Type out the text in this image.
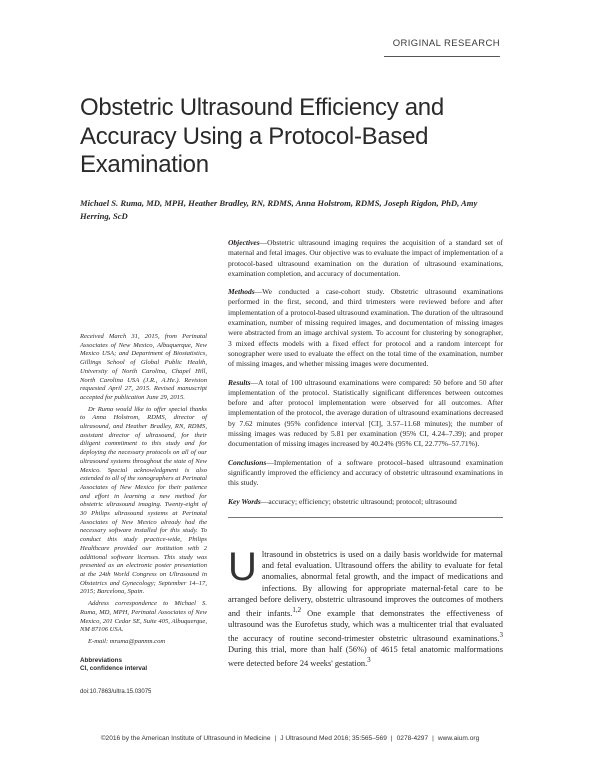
ORIGINAL RESEARCH
Obstetric Ultrasound Efficiency and Accuracy Using a Protocol-Based Examination
Michael S. Ruma, MD, MPH, Heather Bradley, RN, RDMS, Anna Holstrom, RDMS, Joseph Rigdon, PhD, Amy Herring, ScD

Objectives—Obstetric ultrasound imaging requires the acquisition of a standard set of maternal and fetal images. Our objective was to evaluate the impact of implementation of a protocol-based ultrasound examination on the duration of ultrasound examinations, examination completion, and accuracy of documentation.

Methods—We conducted a case-cohort study. Obstetric ultrasound examinations performed in the first, second, and third trimesters were reviewed before and after implementation of a protocol-based ultrasound examination. The duration of the ultrasound examination, number of missing required images, and documentation of missing images were abstracted from an image archival system. To account for clustering by sonographer, 3 mixed effects models with a fixed effect for protocol and a random intercept for sonographer were used to evaluate the effect on the total time of the examination, number of missing images, and whether missing images were documented.

Results—A total of 100 ultrasound examinations were compared: 50 before and 50 after implementation of the protocol. Statistically significant differences between outcomes before and after protocol implementation were observed for all outcomes. After implementation of the protocol, the average duration of ultrasound examinations decreased by 7.62 minutes (95% confidence interval [CI], 3.57–11.68 minutes); the number of missing images was reduced by 5.81 per examination (95% CI, 4.24–7.39); and proper documentation of missing images increased by 40.24% (95% CI, 22.77%–57.71%).

Conclusions—Implementation of a software protocol–based ultrasound examination significantly improved the efficiency and accuracy of obstetric ultrasound examinations in this study.

Key Words—accuracy; efficiency; obstetric ultrasound; protocol; ultrasound

Received March 31, 2015, from Perinatal Associates of New Mexico, Albuquerque, New Mexico USA; and Department of Biostatistics, Gillings School of Global Public Health, University of North Carolina, Chapel Hill, North Carolina USA (J.R., A.He.). Revision requested April 27, 2015. Revised manuscript accepted for publication June 29, 2015.

Dr Ruma would like to offer special thanks to Anna Holstrom, RDMS, director of ultrasound, and Heather Bradley, RN, RDMS, assistant director of ultrasound, for their diligent commitment to this study and for deploying the necessary protocols on all of our ultrasound systems throughout the state of New Mexico. Special acknowledgment is also extended to all of the sonographers at Perinatal Associates of New Mexico for their patience and effort in learning a new method for obstetric ultrasound imaging. Twenty-eight of 30 Philips ultrasound systems at Perinatal Associates of New Mexico already had the necessary software installed for this study. To conduct this study practice-wide, Philips Healthcare provided our institution with 2 additional software licenses. This study was presented as an electronic poster presentation at the 24th World Congress on Ultrasound in Obstetrics and Gynecology; September 14–17, 2015; Barcelona, Spain.

Address correspondence to Michael S. Ruma, MD, MPH, Perinatal Associates of New Mexico, 201 Cedar SE, Suite 405, Albuquerque, NM 87106 USA.

E-mail: mruma@pannm.com
Abbreviations
CI, confidence interval
doi:10.7863/ultra.15.03075
Ultrasound in obstetrics is used on a daily basis worldwide for maternal and fetal evaluation. Ultrasound offers the ability to evaluate for fetal anomalies, abnormal fetal growth, and the impact of medications and infections. By allowing for appropriate maternal-fetal care to be arranged before delivery, obstetric ultrasound improves the outcomes of mothers and their infants.$^{1,2}$ One example that demonstrates the effectiveness of ultrasound was the Eurofetus study, which was a multicenter trial that evaluated the accuracy of routine second-trimester obstetric ultrasound examinations.$^3$ During this trial, more than half (56%) of 4615 fetal anatomic malformations were detected before 24 weeks' gestation.$^3$
©2016 by the American Institute of Ultrasound in Medicine | J Ultrasound Med 2016; 35:565–569 | 0278-4297 | www.aium.org
